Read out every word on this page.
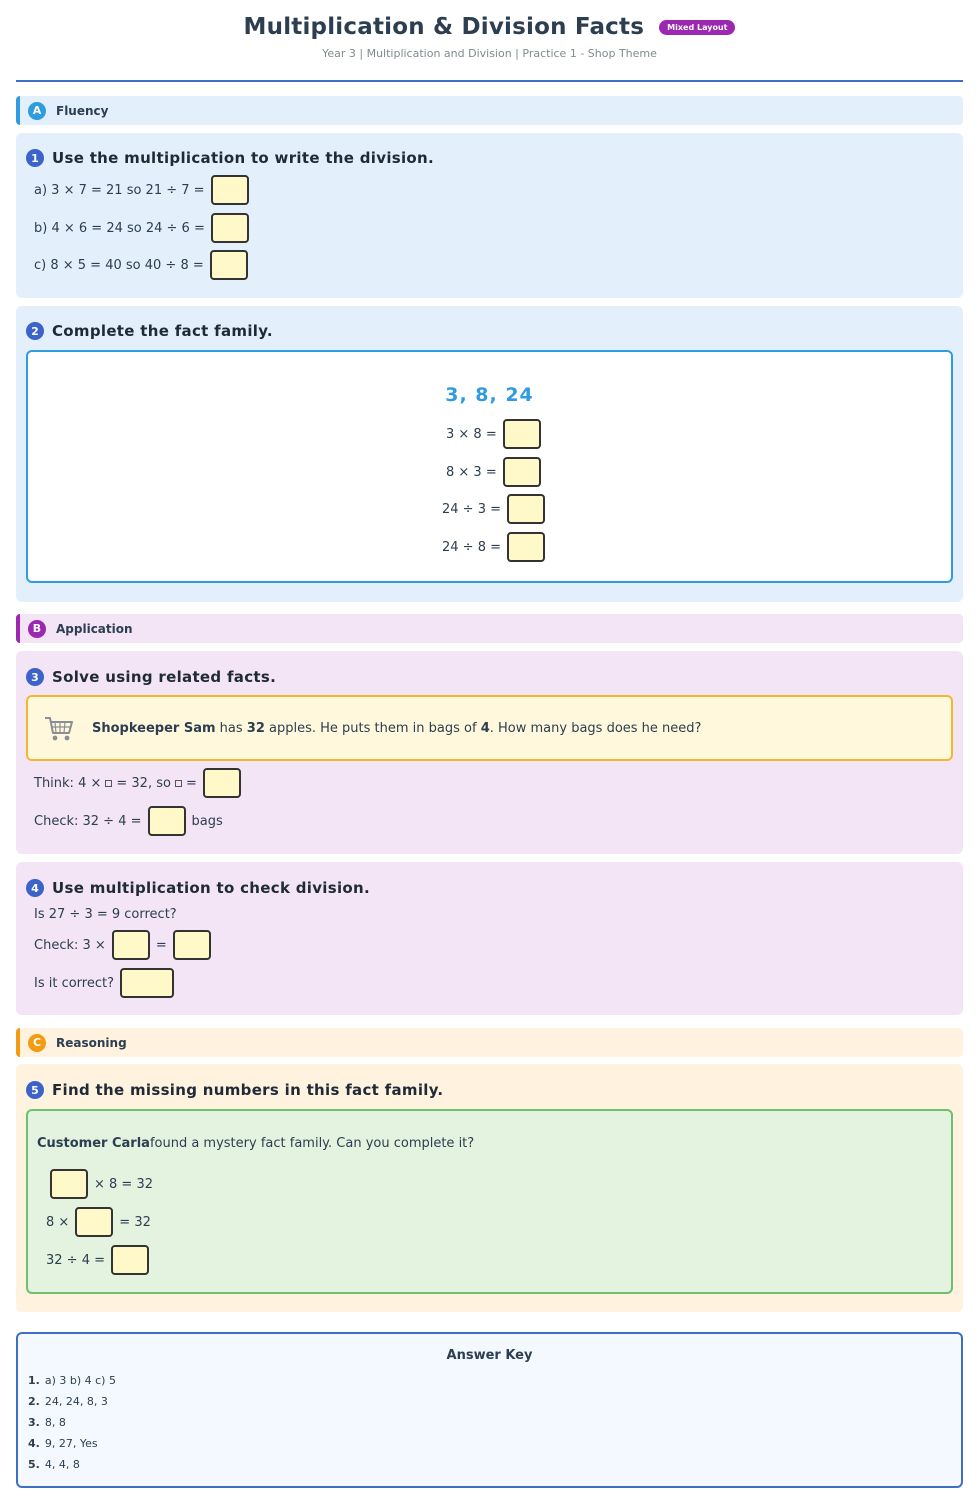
Multiplication & Division Facts	Mixed Layout
Year 3 | Multiplication and Division | Practice 1 - Shop Theme
A	Fluency
1 Use the multiplication to write the division.
a) 3 × 7 = 21 so 21 ÷ 7 =
b) 4 × 6 = 24 so 24 ÷ 6 =
c) 8 × 5 = 40 so 40 ÷ 8 =
2 Complete the fact family.
3, 8, 24
3 × 8 =
8 × 3 =
24 ÷ 3 =
24 ÷ 8 =
B	Application
3 Solve using related facts.
Shopkeeper Sam has 32 apples. He puts them in bags of 4. How many bags does he need?
Think: 4 × = 32, so =
Check: 32 ÷ 4 =	bags
4 Use multiplication to check division.
Is 27 ÷ 3 = 9 correct?
Check: 3 ×	=
Is it correct?
C	Reasoning
5 Find the missing numbers in this fact family.
Customer Carla found a mystery fact family. Can you complete it?
× 8 = 32
8 ×	= 32
32 ÷ 4 =
Answer Key
1. a) 3 b) 4 c) 5
2. 24, 24, 8, 3
3. 8, 8
4. 9, 27, Yes
5. 4, 4, 8
